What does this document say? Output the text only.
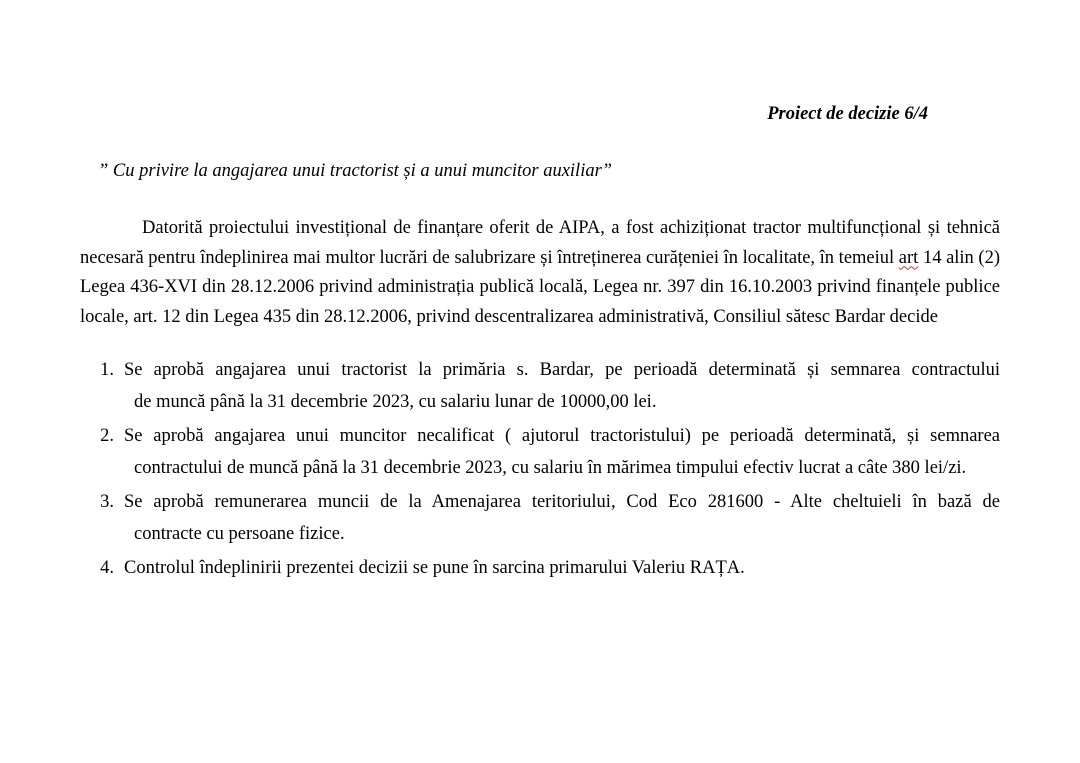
Proiect de decizie 6/4
” Cu privire la angajarea unui tractorist și a unui muncitor auxiliar”

Datorită proiectului investițional de finanțare oferit de AIPA, a fost achiziționat tractor multifuncțional și tehnică necesară pentru îndeplinirea mai multor lucrări de salubrizare și întreținerea curățeniei în localitate, în temeiul art 14 alin (2) Legea 436-XVI din 28.12.2006 privind administrația publică locală, Legea nr. 397 din 16.10.2003 privind finanțele publice locale, art. 12 din Legea 435 din 28.12.2006, privind descentralizarea administrativă, Consiliul sătesc Bardar decide

1. Se aprobă angajarea unui tractorist la primăria s. Bardar, pe perioadă determinată și semnarea contractului
de muncă până la 31 decembrie 2023, cu salariu lunar de 10000,00 lei.
2. Se aprobă angajarea unui muncitor necalificat ( ajutorul tractoristului) pe perioadă determinată, și semnarea
contractului de muncă până la 31 decembrie 2023, cu salariu în mărimea timpului efectiv lucrat a câte 380 lei/zi.
3. Se aprobă remunerarea muncii de la Amenajarea teritoriului, Cod Eco 281600 - Alte cheltuieli în bază de
contracte cu persoane fizice.
4. Controlul îndeplinirii prezentei decizii se pune în sarcina primarului Valeriu RAȚA.
